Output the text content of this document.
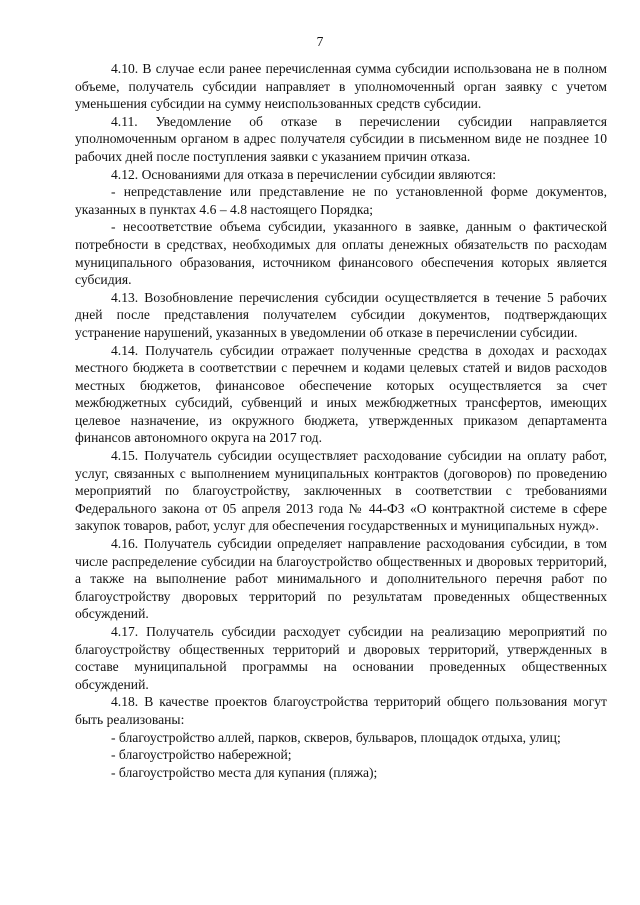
7

4.10. В случае если ранее перечисленная сумма субсидии использована не в полном объеме, получатель субсидии направляет в уполномоченный орган заявку с учетом уменьшения субсидии на сумму неиспользованных средств субсидии.

4.11. Уведомление об отказе в перечислении субсидии направляется уполномоченным органом в адрес получателя субсидии в письменном виде не позднее 10 рабочих дней после поступления заявки с указанием причин отказа.

4.12. Основаниями для отказа в перечислении субсидии являются:

- непредставление или представление не по установленной форме документов, указанных в пунктах 4.6 – 4.8 настоящего Порядка;

- несоответствие объема субсидии, указанного в заявке, данным о фактической потребности в средствах, необходимых для оплаты денежных обязательств по расходам муниципального образования, источником финансового обеспечения которых является субсидия.

4.13. Возобновление перечисления субсидии осуществляется в течение 5 рабочих дней после представления получателем субсидии документов, подтверждающих устранение нарушений, указанных в уведомлении об отказе в перечислении субсидии.

4.14. Получатель субсидии отражает полученные средства в доходах и расходах местного бюджета в соответствии с перечнем и кодами целевых статей и видов расходов местных бюджетов, финансовое обеспечение которых осуществляется за счет межбюджетных субсидий, субвенций и иных межбюджетных трансфертов, имеющих целевое назначение, из окружного бюджета, утвержденных приказом департамента финансов автономного округа на 2017 год.

4.15. Получатель субсидии осуществляет расходование субсидии на оплату работ, услуг, связанных с выполнением муниципальных контрактов (договоров) по проведению мероприятий по благоустройству, заключенных в соответствии с требованиями Федерального закона от 05 апреля 2013 года № 44-ФЗ «О контрактной системе в сфере закупок товаров, работ, услуг для обеспечения государственных и муниципальных нужд».

4.16. Получатель субсидии определяет направление расходования субсидии, в том числе распределение субсидии на благоустройство общественных и дворовых территорий, а также на выполнение работ минимального и дополнительного перечня работ по благоустройству дворовых территорий по результатам проведенных общественных обсуждений.

4.17. Получатель субсидии расходует субсидии на реализацию мероприятий по благоустройству общественных территорий и дворовых территорий, утвержденных в составе муниципальной программы на основании проведенных общественных обсуждений.

4.18. В качестве проектов благоустройства территорий общего пользования могут быть реализованы:

- благоустройство аллей, парков, скверов, бульваров, площадок отдыха, улиц;

- благоустройство набережной;

- благоустройство места для купания (пляжа);
